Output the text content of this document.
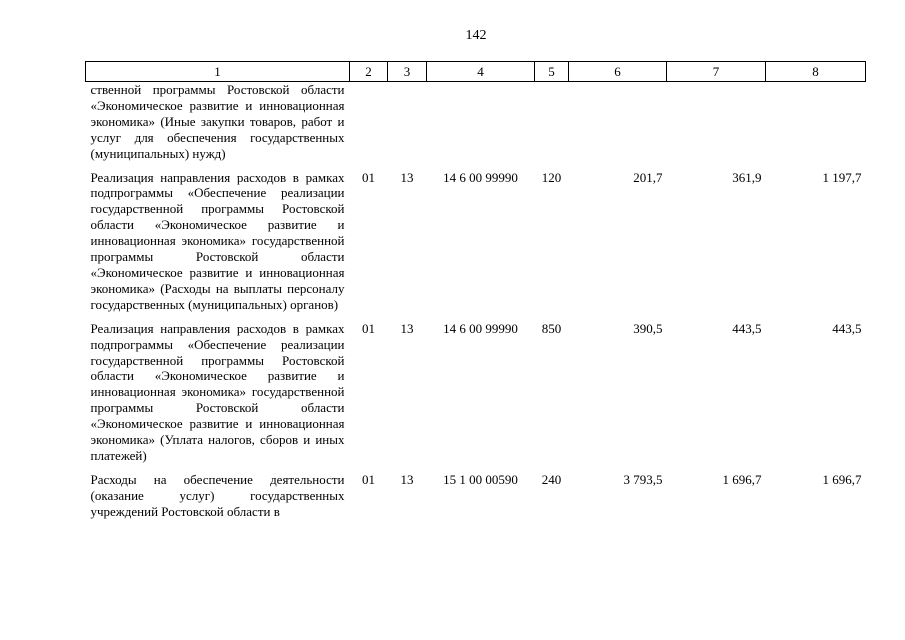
142
1	2	3	4	5	6	7	8
ственной программы Ростовской области «Экономическое развитие и инновационная экономика» (Иные закупки товаров, работ и услуг для обеспечения государственных (муниципальных) нужд)							
Реализация направления расходов в рамках подпрограммы «Обеспечение реализации государственной программы Ростовской области «Экономическое развитие и инновационная экономика» государственной программы Ростовской области «Экономическое развитие и инновационная экономика» (Расходы на выплаты персоналу государственных (муниципальных) органов)	01	13	14 6 00 99990	120	201,7	361,9	1 197,7
Реализация направления расходов в рамках подпрограммы «Обеспечение реализации государственной программы Ростовской области «Экономическое развитие и инновационная экономика» государственной программы Ростовской области «Экономическое развитие и инновационная экономика» (Уплата налогов, сборов и иных платежей)	01	13	14 6 00 99990	850	390,5	443,5	443,5
Расходы на обеспечение деятельности (оказание услуг) государственных учреждений Ростовской области в	01	13	15 1 00 00590	240	3 793,5	1 696,7	1 696,7
